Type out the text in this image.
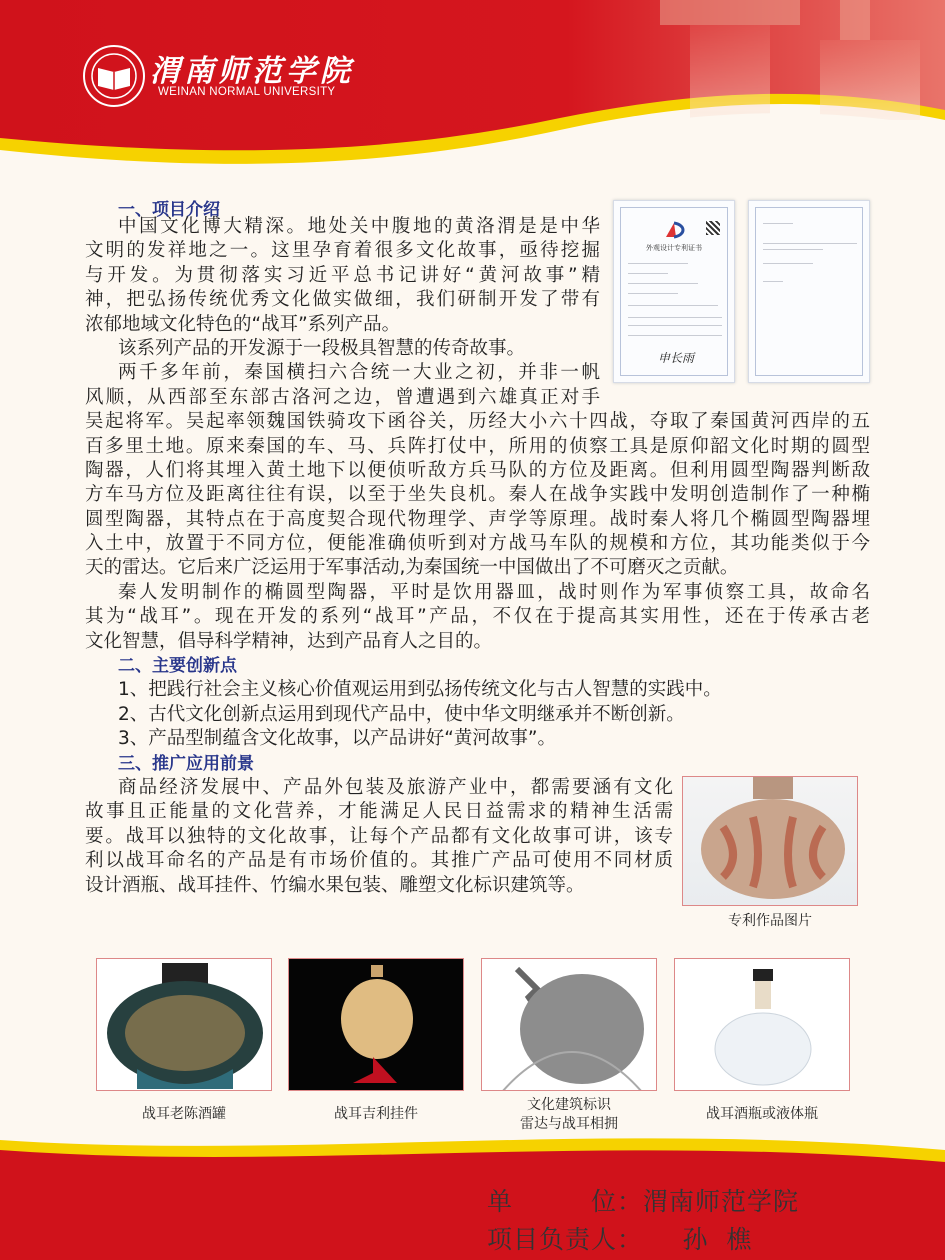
渭南师范学院
WEINAN NORMAL UNIVERSITY
一、项目介绍
中国文化博大精深。地处关中腹地的黄洛渭是是中华
文明的发祥地之一。这里孕育着很多文化故事，亟待挖掘
与开发。为贯彻落实习近平总书记讲好“黄河故事”精
神，把弘扬传统优秀文化做实做细，我们研制开发了带有
浓郁地域文化特色的“战耳”系列产品。
该系列产品的开发源于一段极具智慧的传奇故事。
两千多年前，秦国横扫六合统一大业之初，并非一帆
风顺，从西部至东部古洛河之边，曾遭遇到六雄真正对手
吴起将军。吴起率领魏国铁骑攻下函谷关，历经大小六十四战，夺取了秦国黄河西岸的五
百多里土地。原来秦国的车、马、兵阵打仗中，所用的侦察工具是原仰韶文化时期的圆型
陶器，人们将其埋入黄土地下以便侦听敌方兵马队的方位及距离。但利用圆型陶器判断敌
方车马方位及距离往往有误，以至于坐失良机。秦人在战争实践中发明创造制作了一种椭
圆型陶器，其特点在于高度契合现代物理学、声学等原理。战时秦人将几个椭圆型陶器埋
入土中，放置于不同方位，便能准确侦听到对方战马车队的规模和方位，其功能类似于今
天的雷达。它后来广泛运用于军事活动,为秦国统一中国做出了不可磨灭之贡献。
秦人发明制作的椭圆型陶器，平时是饮用器皿，战时则作为军事侦察工具，故命名
其为“战耳”。现在开发的系列“战耳”产品，不仅在于提高其实用性，还在于传承古老
文化智慧，倡导科学精神，达到产品育人之目的。
二、主要创新点
1、把践行社会主义核心价值观运用到弘扬传统文化与古人智慧的实践中。
2、古代文化创新点运用到现代产品中，使中华文明继承并不断创新。
3、产品型制蕴含文化故事，以产品讲好“黄河故事”。
三、推广应用前景
商品经济发展中、产品外包装及旅游产业中，都需要涵有文化
故事且正能量的文化营养，才能满足人民日益需求的精神生活需
要。战耳以独特的文化故事，让每个产品都有文化故事可讲，该专
利以战耳命名的产品是有市场价值的。其推广产品可使用不同材质
设计酒瓶、战耳挂件、竹编水果包装、雕塑文化标识建筑等。
外观设计专利证书
申长雨
专利作品图片
战耳老陈酒罐	战耳吉利挂件
文化建筑标识
雷达与战耳相拥
战耳酒瓶或液体瓶
单　　　位：渭南师范学院
项目负责人：　　孙  樵
